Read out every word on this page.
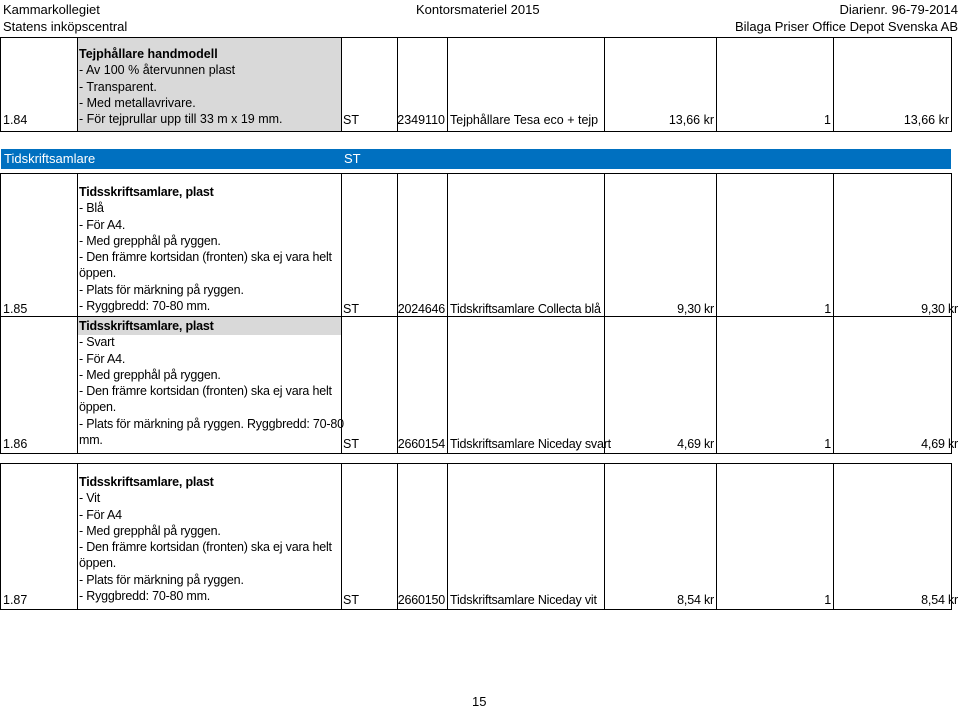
Kammarkollegiet
Statens inköpscentral
Kontorsmateriel 2015	Diarienr. 96-79-2014
Bilaga Priser Office Depot Svenska AB
Tidskriftsamlare	ST
Tejphållare handmodell
- Av 100 % återvunnen plast
- Transparent.
- Med metallavrivare.
- För tejprullar upp till 33 m x 19 mm.
1.84	ST	2349110 Tejphållare Tesa eco + tejp	13,66 kr	1	13,66 kr
Tidsskriftsamlare, plast
- Blå
- För A4.
- Med grepphål på ryggen.
- Den främre kortsidan (fronten) ska ej vara helt
öppen.
- Plats för märkning på ryggen.
- Ryggbredd: 70-80 mm.
1.85	ST	2024646 Tidskriftsamlare Collecta blå	9,30 kr	1	9,30 kr
Tidsskriftsamlare, plast
- Svart
- För A4.
- Med grepphål på ryggen.
- Den främre kortsidan (fronten) ska ej vara helt
öppen.
- Plats för märkning på ryggen. Ryggbredd: 70-80
mm.
1.86	ST	2660154 Tidskriftsamlare Niceday svart	4,69 kr	1	4,69 kr
Tidsskriftsamlare, plast
- Vit
- För A4
- Med grepphål på ryggen.
- Den främre kortsidan (fronten) ska ej vara helt
öppen.
- Plats för märkning på ryggen.
- Ryggbredd: 70-80 mm.
1.87	ST	2660150 Tidskriftsamlare Niceday vit	8,54 kr	1	8,54 kr
15
